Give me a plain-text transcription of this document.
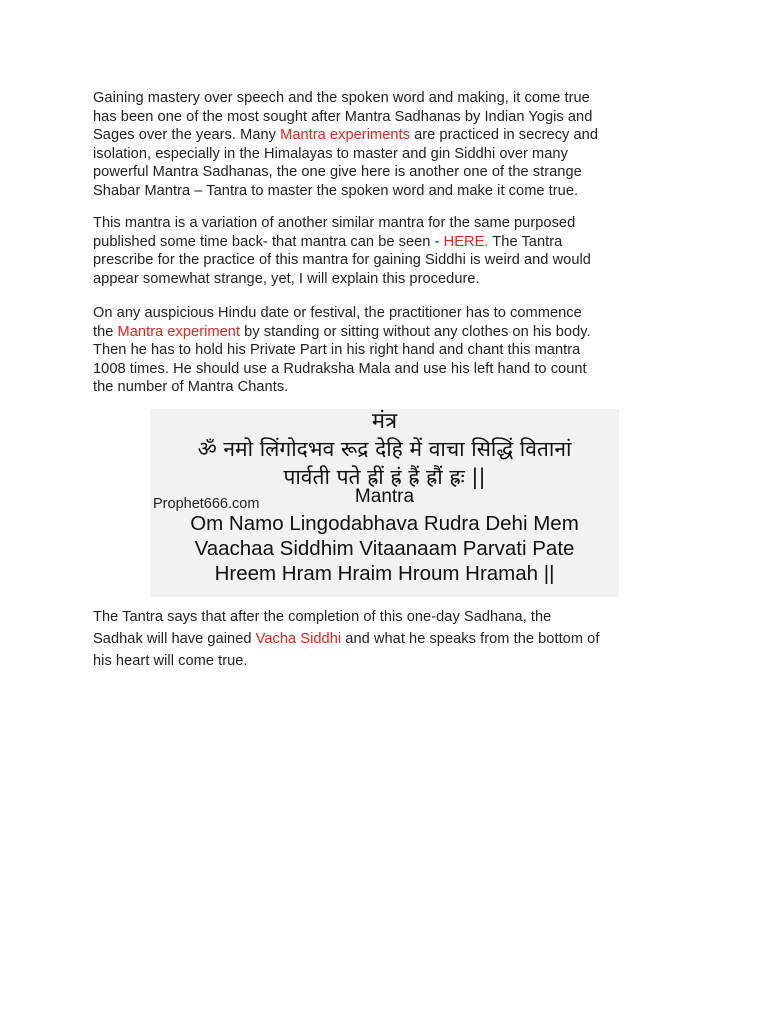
Gaining mastery over speech and the spoken word and making, it come true
has been one of the most sought after Mantra Sadhanas by Indian Yogis and
Sages over the years. Many Mantra experiments are practiced in secrecy and
isolation, especially in the Himalayas to master and gin Siddhi over many
powerful Mantra Sadhanas, the one give here is another one of the strange
Shabar Mantra – Tantra to master the spoken word and make it come true.

This mantra is a variation of another similar mantra for the same purposed
published some time back- that mantra can be seen - HERE. The Tantra
prescribe for the practice of this mantra for gaining Siddhi is weird and would
appear somewhat strange, yet, I will explain this procedure.

On any auspicious Hindu date or festival, the practitioner has to commence
the Mantra experiment by standing or sitting without any clothes on his body.
Then he has to hold his Private Part in his right hand and chant this mantra
1008 times. He should use a Rudraksha Mala and use his left hand to count
the number of Mantra Chants.

मंत्र
ॐ नमो लिंगोदभव रूद्र देहि में वाचा सिद्धिं वितानां
पार्वती पते ह्रीं ह्रं ह्रैं ह्रौं ह्रः ||
Prophet666.com	Mantra
Om Namo Lingodabhava Rudra Dehi Mem
Vaachaa Siddhim Vitaanaam Parvati Pate
Hreem Hram Hraim Hroum Hramah ||

The Tantra says that after the completion of this one-day Sadhana, the
Sadhak will have gained Vacha Siddhi and what he speaks from the bottom of
his heart will come true.
